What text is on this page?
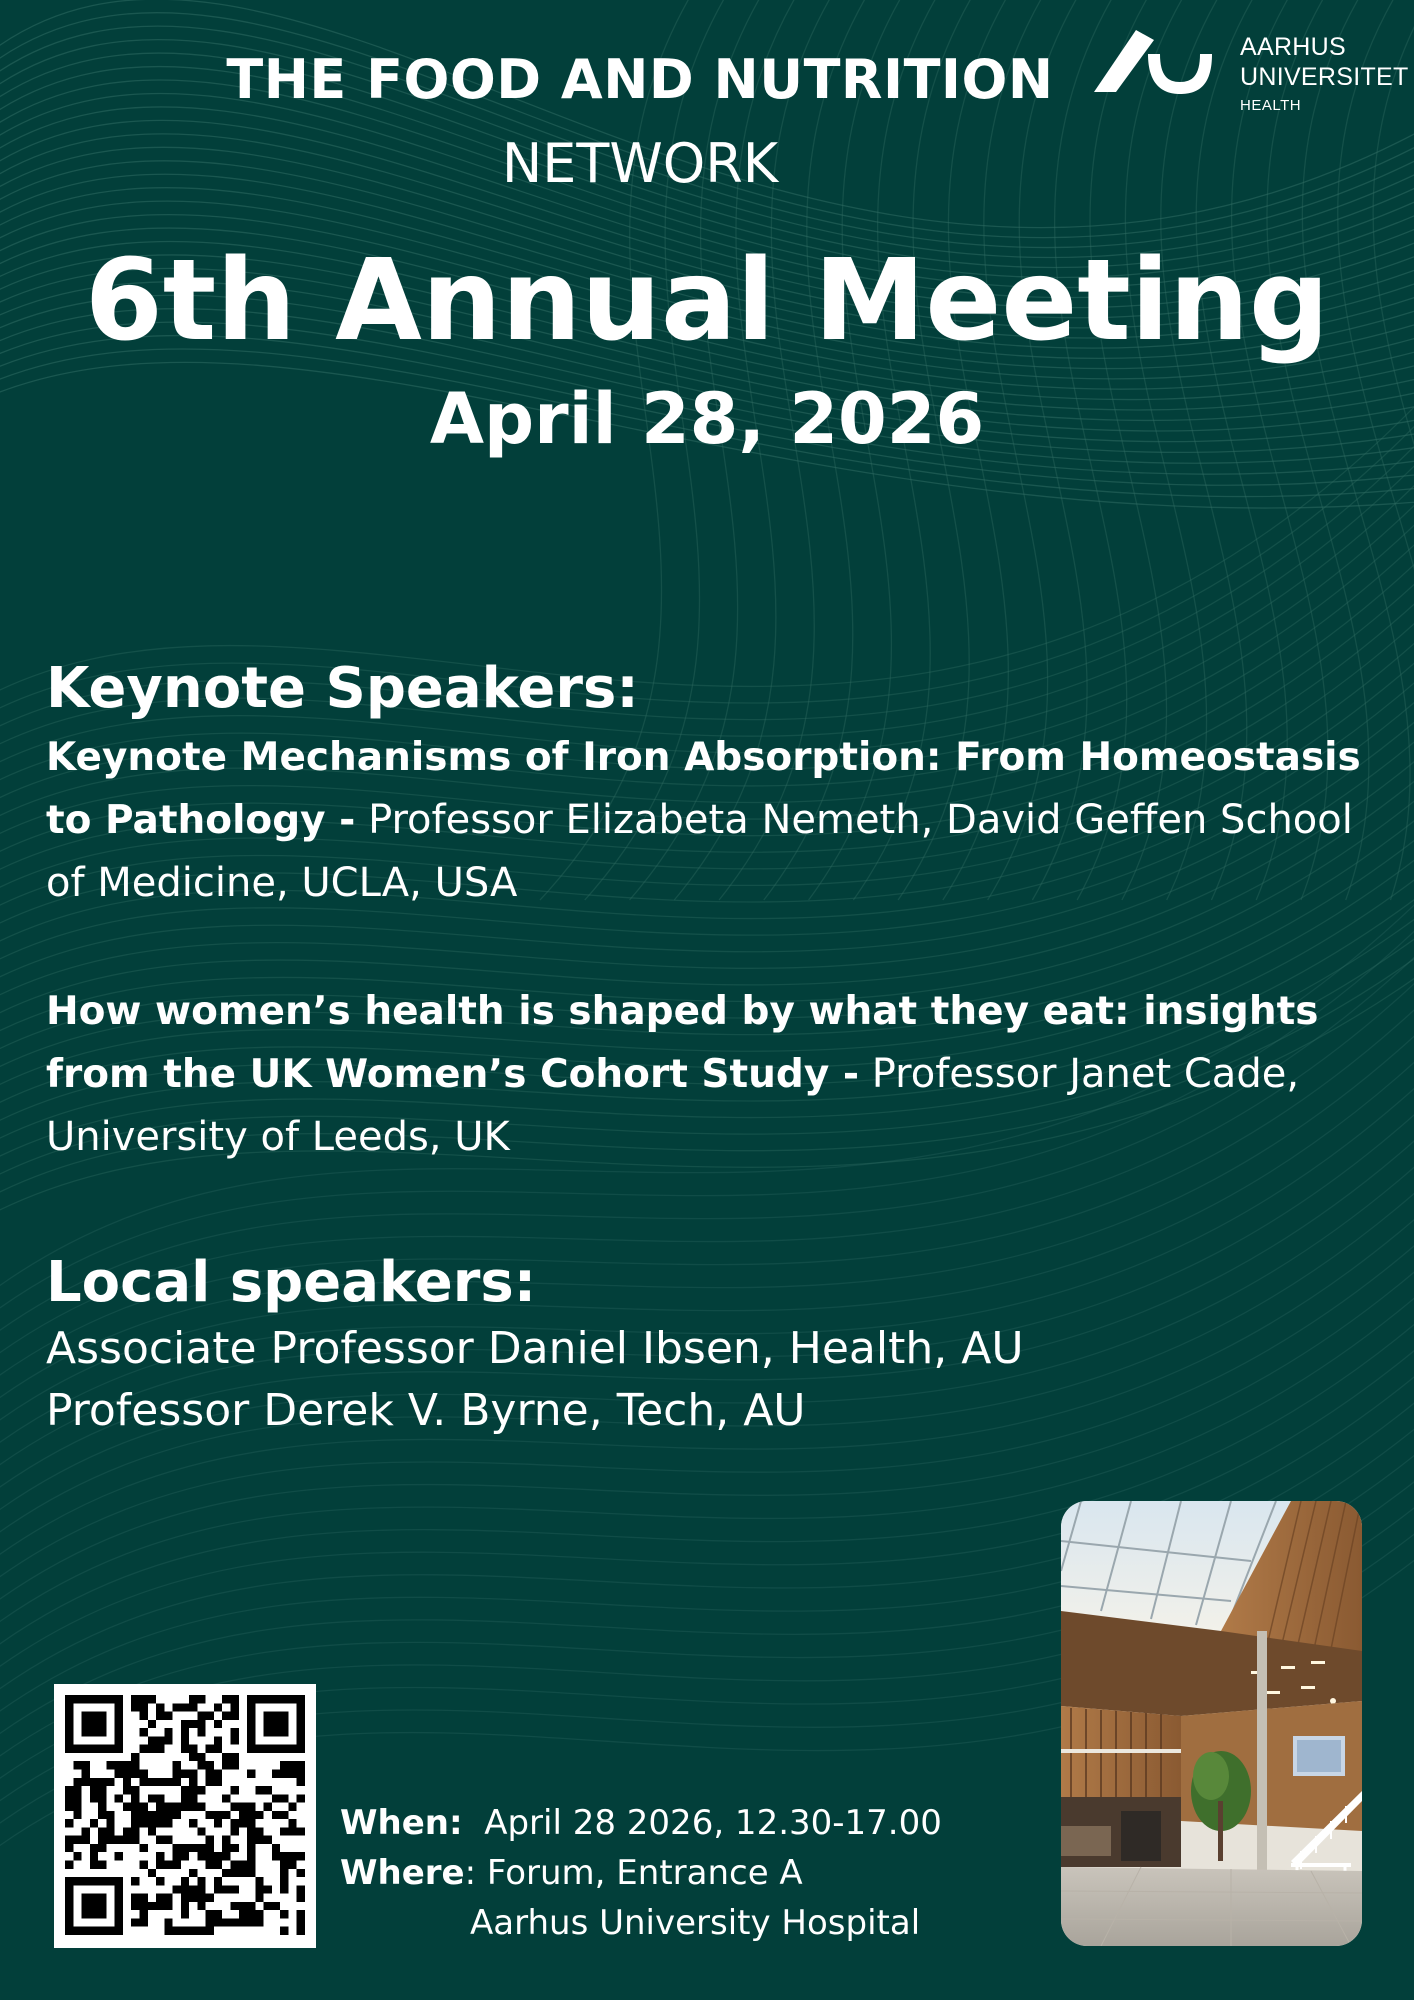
THE FOOD AND NUTRITION
NETWORK
AARHUS
UNIVERSITET
HEALTH
6th Annual Meeting
April 28, 2026

Keynote Speakers:

Keynote Mechanisms of Iron Absorption: From Homeostasis to Pathology - Professor Elizabeta Nemeth, David Geffen School of Medicine, UCLA, USA

How women’s health is shaped by what they eat: insights from the UK Women’s Cohort Study - Professor Janet Cade, University of Leeds, UK

Local speakers:

Associate Professor Daniel Ibsen, Health, AU

Professor Derek V. Byrne, Tech, AU

When: April 28 2026, 12.30-17.00
Where: Forum, Entrance A
Aarhus University Hospital
